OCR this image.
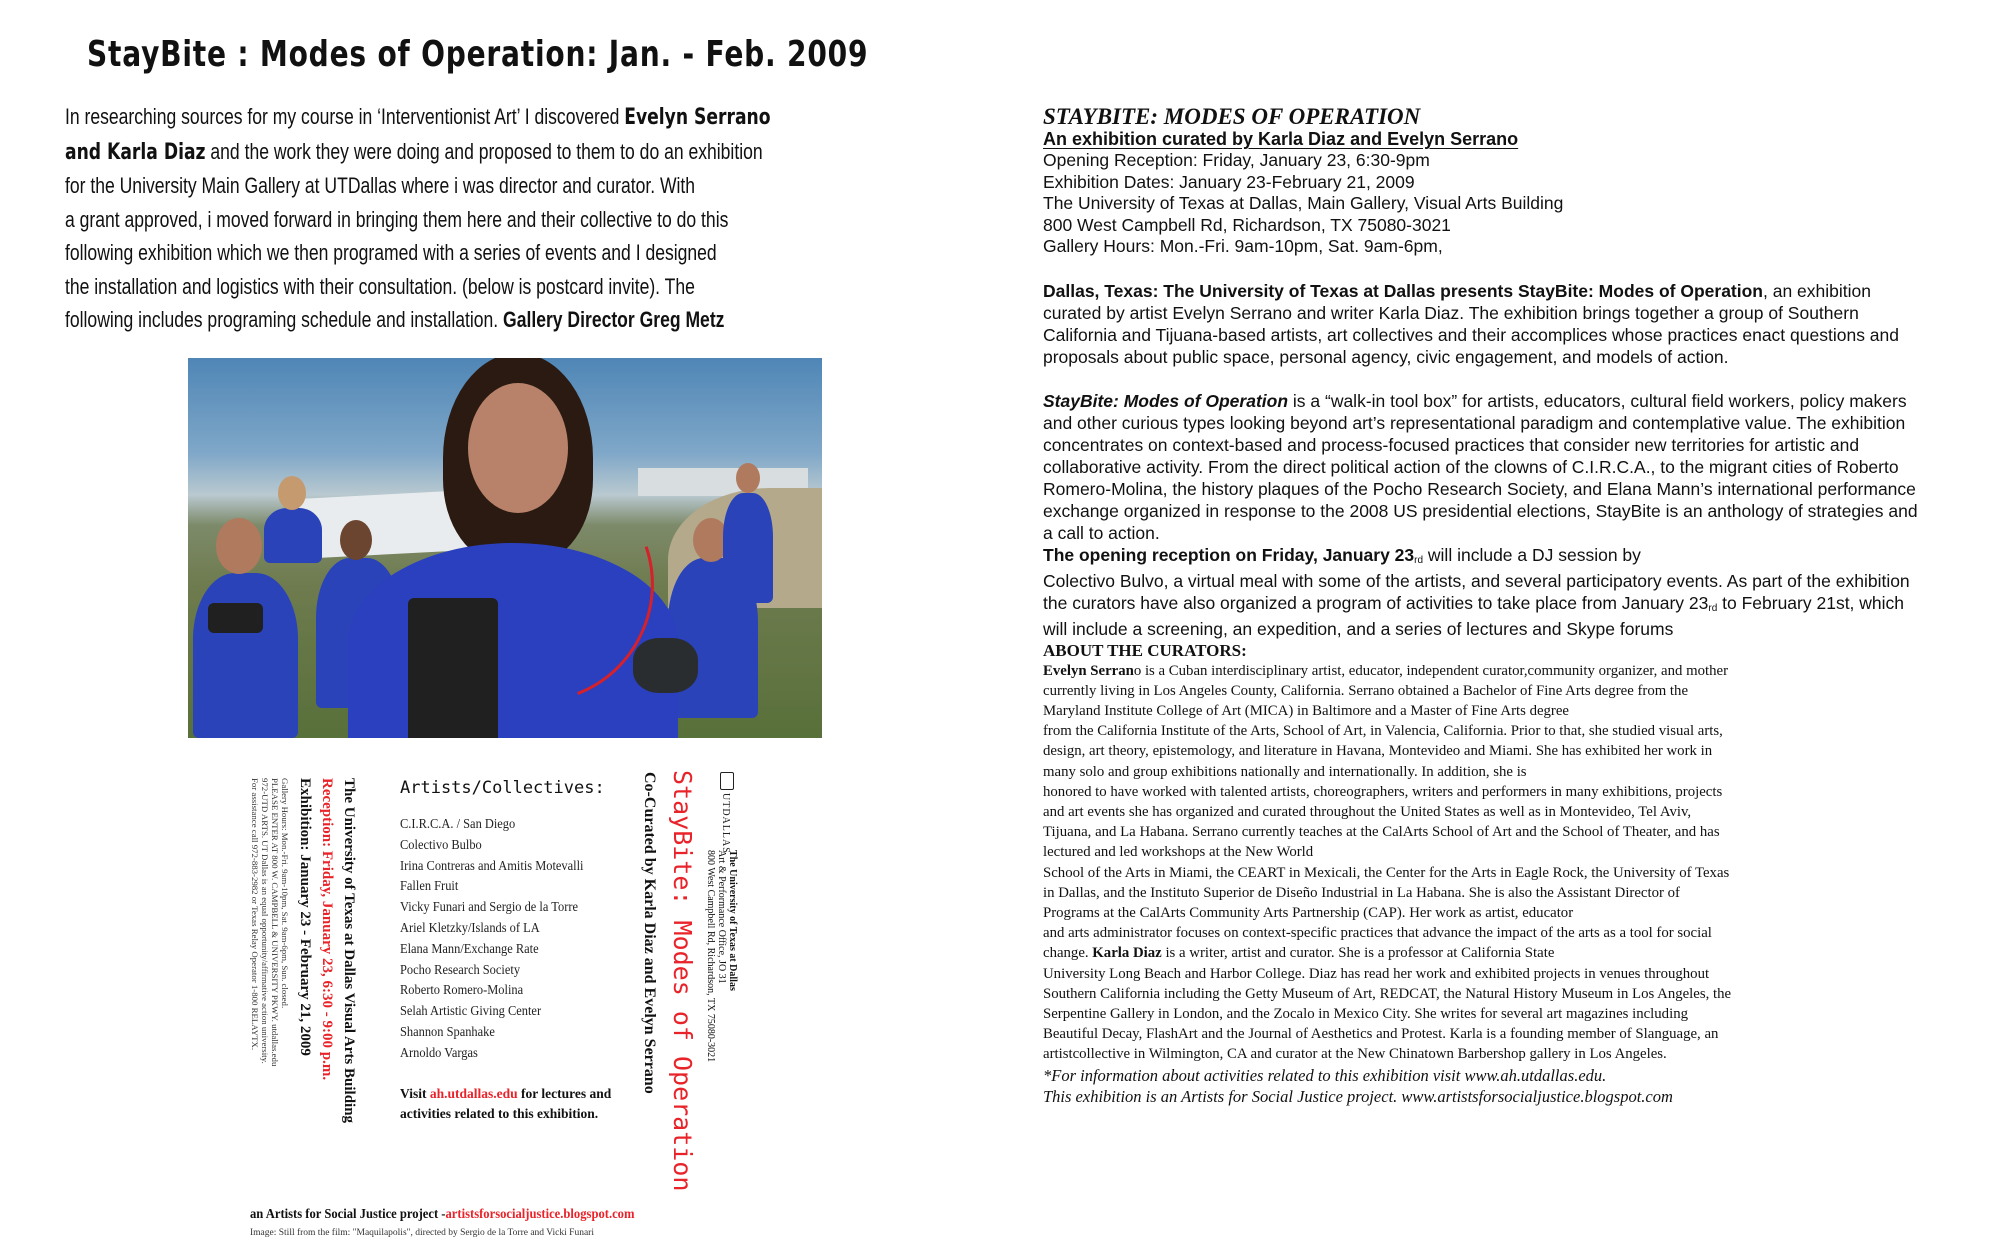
StayBite : Modes of Operation: Jan. - Feb. 2009
In researching sources for my course in ‘Interventionist Art’ I discovered Evelyn Serrano
and Karla Diaz and the work they were doing and proposed to them to do an exhibition
for the University Main Gallery at UTDallas where i was director and curator. With
a grant approved, i moved forward in bringing them here and their collective to do this
following exhibition which we then programed with a series of events and I designed
the installation and logistics with their consultation. (below is postcard invite). The
following includes programing schedule and installation. Gallery Director Greg Metz
Gallery Hours: Mon.-Fri. 9am-10pm, Sat. 9am-6pm, Sun. closed.
PLEASE ENTER AT 800 W. CAMPBELL & UNIVERSITY PKWY. utdallas.edu
972-UTD ARTS. UT Dallas is an equal opportunity/affirmative action university.
For assistance call 972-883-2982 or Texas Relay Operator 1-800 RELAYTX.	The University of Texas at Dallas Visual Arts Building
Reception: Friday, January 23, 6:30 - 9:00 p.m.
Exhibition: January 23 - February 21, 2009	Artists/Collectives:
C.I.R.C.A. / San Diego
Colectivo Bulbo
Irina Contreras and Amitis Motevalli
Fallen Fruit
Vicky Funari and Sergio de la Torre
Ariel Kletzky/Islands of LA
Elana Mann/Exchange Rate
Pocho Research Society
Roberto Romero-Molina
Selah Artistic Giving Center
Shannon Spanhake
Arnoldo Vargas
Visit ah.utdallas.edu for lectures and
activities related to this exhibition.
Co-Curated by Karla Diaz and Evelyn Serrano StayBite: Modes of Operation UTDALLAS
The University of Texas at Dallas
Art & Performance Office, JO 31
800 West Campbell Rd, Richardson, TX 75080-3021
an Artists for Social Justice project -artistsforsocialjustice.blogspot.com
Image: Still from the film: "Maquilapolis", directed by Sergio de la Torre and Vicki Funari
STAYBITE: MODES OF OPERATION
An exhibition curated by Karla Diaz and Evelyn Serrano
Opening Reception: Friday, January 23, 6:30-9pm
Exhibition Dates: January 23-February 21, 2009
The University of Texas at Dallas, Main Gallery, Visual Arts Building
800 West Campbell Rd, Richardson, TX 75080-3021
Gallery Hours: Mon.-Fri. 9am-10pm, Sat. 9am-6pm,

Dallas, Texas: The University of Texas at Dallas presents StayBite: Modes of Operation, an exhibition curated by artist Evelyn Serrano and writer Karla Diaz. The exhibition brings together a group of Southern California and Tijuana-based artists, art collectives and their accomplices whose practices enact questions and proposals about public space, personal agency, civic engagement, and models of action.

StayBite: Modes of Operation is a “walk-in tool box” for artists, educators, cultural field workers, policy makers and other curious types looking beyond art’s representational paradigm and contemplative value. The exhibition concentrates on context-based and process-focused practices that consider new territories for artistic and collaborative activity. From the direct political action of the clowns of C.I.R.C.A., to the migrant cities of Roberto Romero-Molina, the history plaques of the Pocho Research Society, and Elana Mann’s international performance exchange organized in response to the 2008 US presidential elections, StayBite is an anthology of strategies and a call to action.

The opening reception on Friday, January 23rd will include a DJ session by
Colectivo Bulvo, a virtual meal with some of the artists, and several participatory events. As part of the exhibition the curators have also organized a program of activities to take place from January 23rd to February 21st, which will include a screening, an expedition, and a series of lectures and Skype forums

ABOUT THE CURATORS:
Evelyn Serrano is a Cuban interdisciplinary artist, educator, independent curator,community organizer, and mother
currently living in Los Angeles County, California. Serrano obtained a Bachelor of Fine Arts degree from the
Maryland Institute College of Art (MICA) in Baltimore and a Master of Fine Arts degree
from the California Institute of the Arts, School of Art, in Valencia, California. Prior to that, she studied visual arts,
design, art theory, epistemology, and literature in Havana, Montevideo and Miami. She has exhibited her work in
many solo and group exhibitions nationally and internationally. In addition, she is
honored to have worked with talented artists, choreographers, writers and performers in many exhibitions, projects
and art events she has organized and curated throughout the United States as well as in Montevideo, Tel Aviv,
Tijuana, and La Habana. Serrano currently teaches at the CalArts School of Art and the School of Theater, and has
lectured and led workshops at the New World
School of the Arts in Miami, the CEART in Mexicali, the Center for the Arts in Eagle Rock, the University of Texas
in Dallas, and the Instituto Superior de Diseño Industrial in La Habana. She is also the Assistant Director of
Programs at the CalArts Community Arts Partnership (CAP). Her work as artist, educator
and arts administrator focuses on context-specific practices that advance the impact of the arts as a tool for social
change. Karla Diaz is a writer, artist and curator. She is a professor at California State
University Long Beach and Harbor College. Diaz has read her work and exhibited projects in venues throughout
Southern California including the Getty Museum of Art, REDCAT, the Natural History Museum in Los Angeles, the
Serpentine Gallery in London, and the Zocalo in Mexico City. She writes for several art magazines including
Beautiful Decay, FlashArt and the Journal of Aesthetics and Protest. Karla is a founding member of Slanguage, an
artistcollective in Wilmington, CA and curator at the New Chinatown Barbershop gallery in Los Angeles.
*For information about activities related to this exhibition visit www.ah.utdallas.edu.
This exhibition is an Artists for Social Justice project. www.artistsforsocialjustice.blogspot.com
